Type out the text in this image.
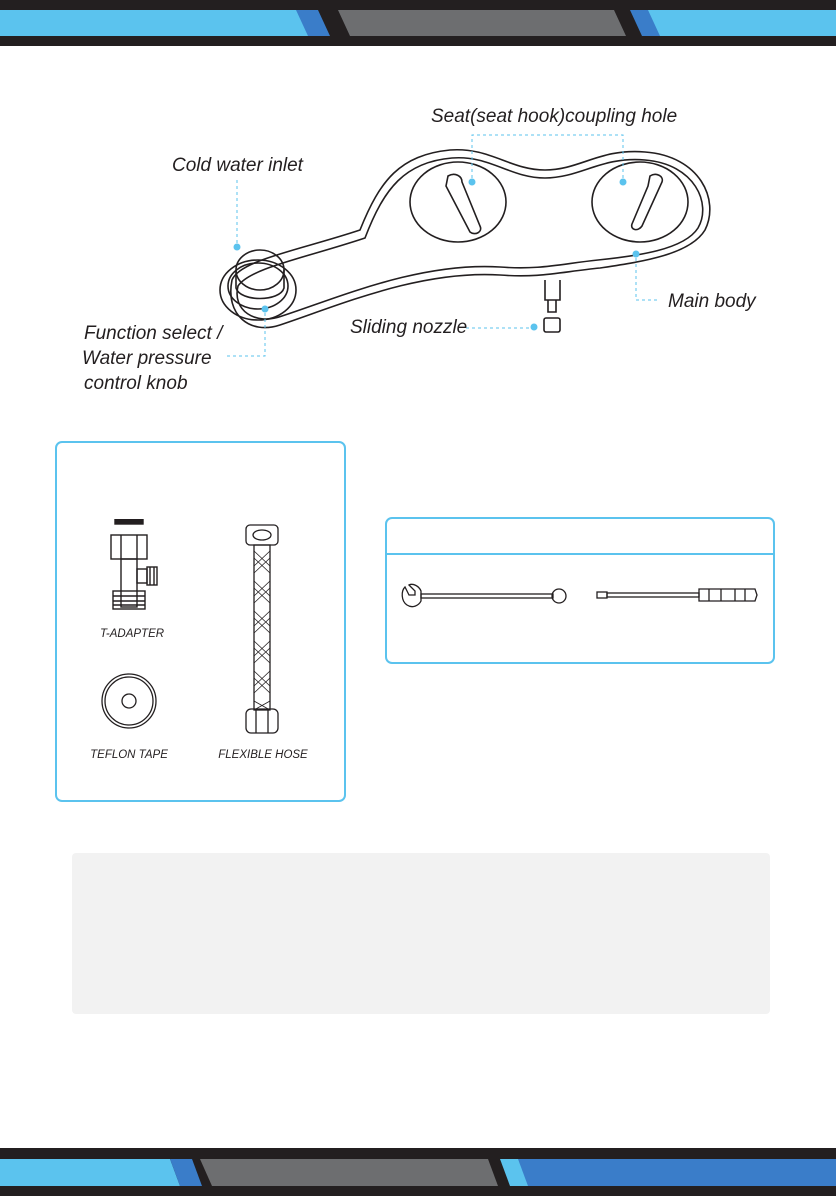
Seat(seat hook)coupling hole
Cold water inlet
Main body
Sliding nozzle
Function select /
Water pressure
control knob
T-ADAPTER
TEFLON TAPE	FLEXIBLE HOSE
